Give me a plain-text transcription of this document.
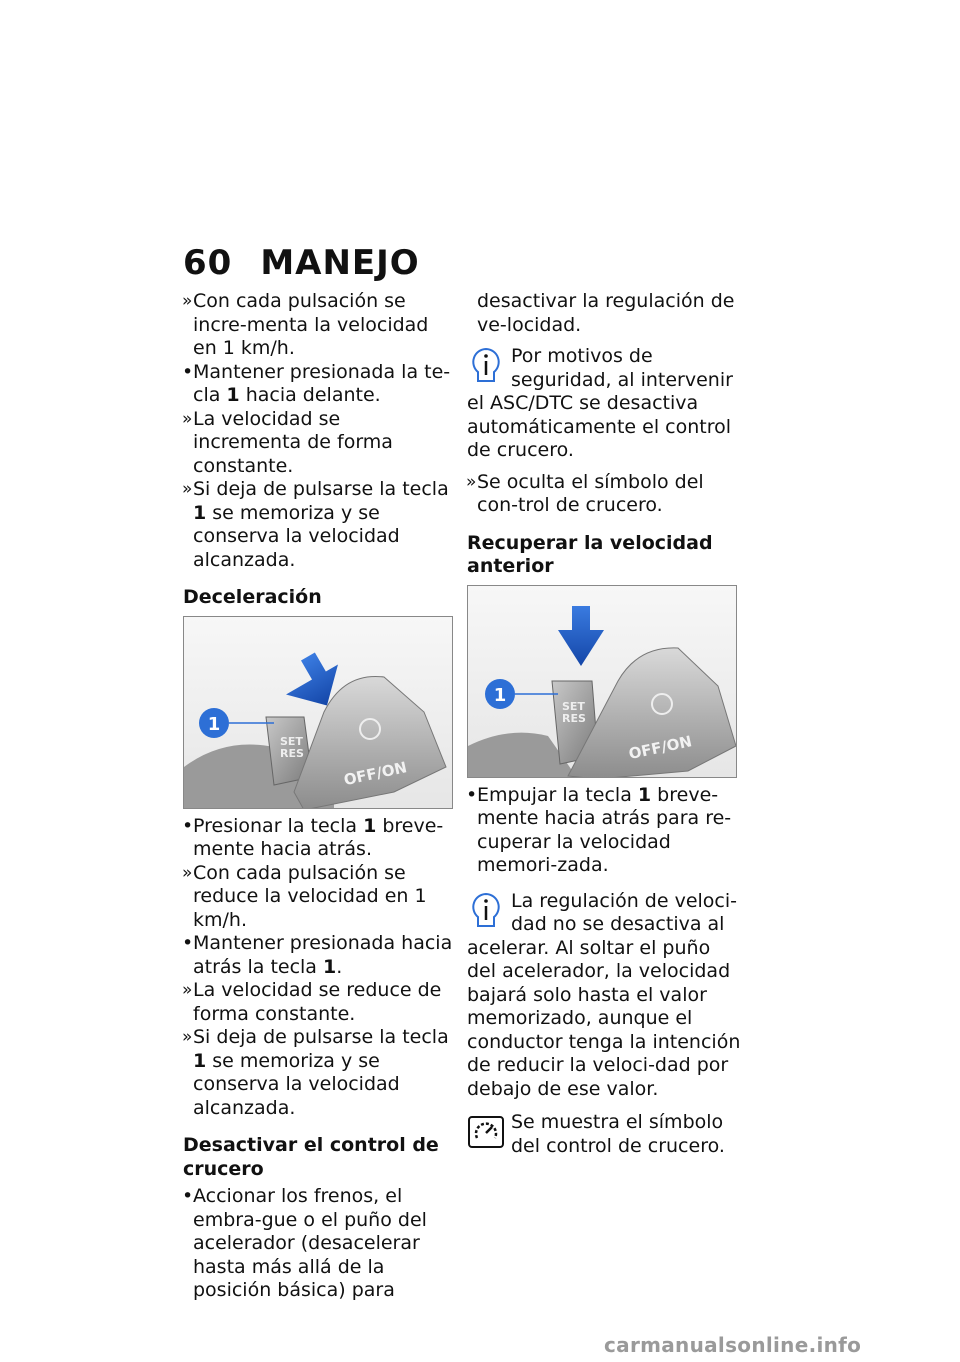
60 MANEJO
» Con cada pulsación se incre-menta la velocidad en 1 km/h.
• Mantener presionada la te-cla 1 hacia delante.
» La velocidad se incrementa de forma constante.
» Si deja de pulsarse la tecla 1 se memoriza y se conserva la velocidad alcanzada.
Deceleración
1
SET
RES
OFF/ON
• Presionar la tecla 1 breve-mente hacia atrás.
» Con cada pulsación se reduce la velocidad en 1 km/h.
• Mantener presionada hacia atrás la tecla 1.
» La velocidad se reduce de forma constante.
» Si deja de pulsarse la tecla 1 se memoriza y se conserva la velocidad alcanzada.
Desactivar el control de crucero
• Accionar los frenos, el embra-gue o el puño del acelerador (desacelerar hasta más allá de la posición básica) para
desactivar la regulación de ve-locidad.
Por motivos de seguridad, al intervenir el ASC/DTC se desactiva automáticamente el control de crucero.
» Se oculta el símbolo del con-trol de crucero.
Recuperar la velocidad anterior
1
SET
RES
OFF/ON
• Empujar la tecla 1 breve-mente hacia atrás para re-cuperar la velocidad memori-zada.
La regulación de veloci-dad no se desactiva al acelerar. Al soltar el puño del acelerador, la velocidad bajará solo hasta el valor memorizado, aunque el conductor tenga la intención de reducir la veloci-dad por debajo de ese valor.
Se muestra el símbolo del control de crucero.
carmanualsonline.info
